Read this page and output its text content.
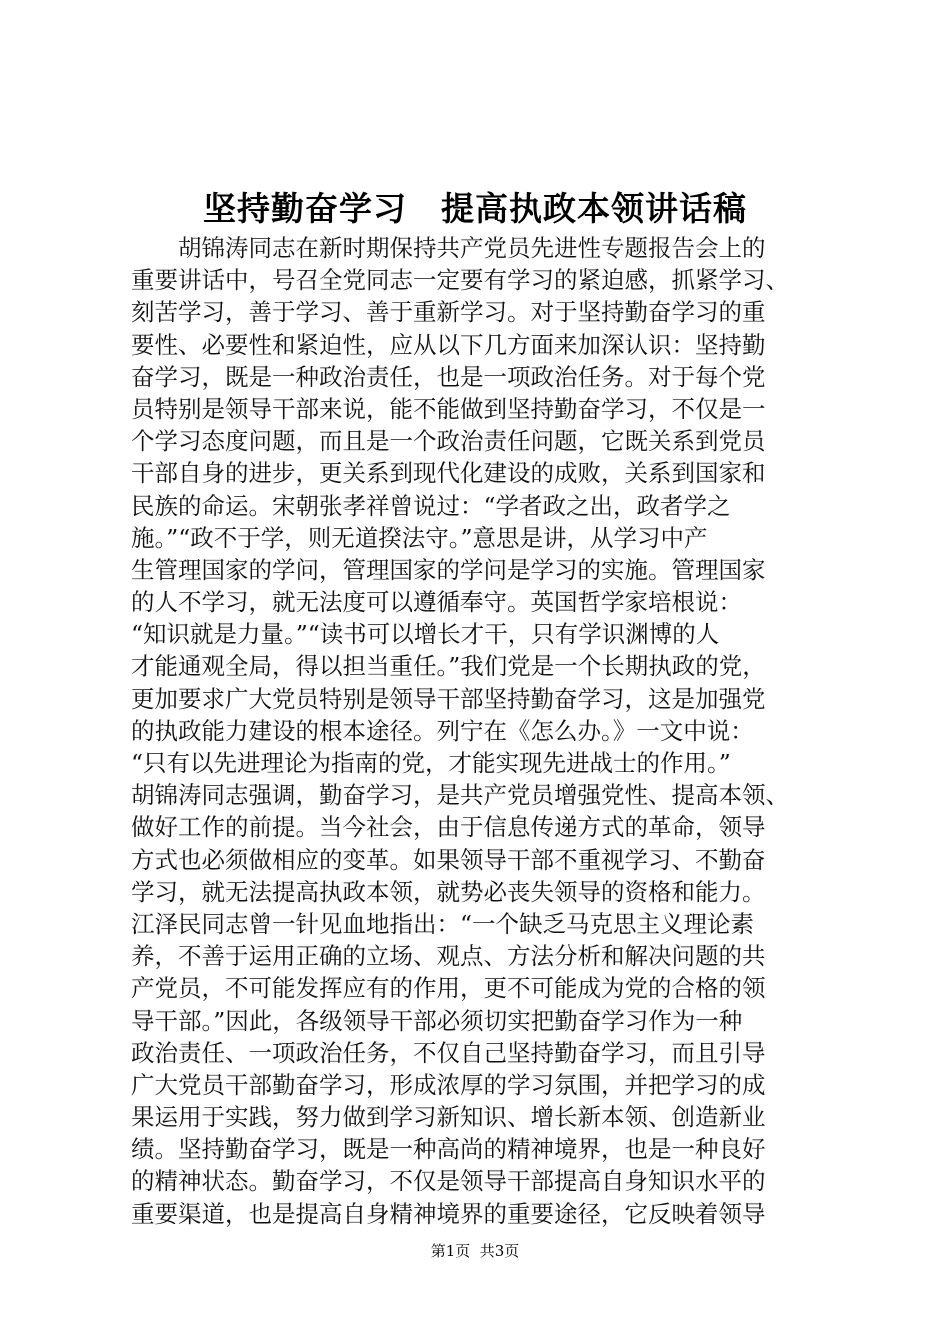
坚持勤奋学习　提高执政本领讲话稿
　　胡锦涛同志在新时期保持共产党员先进性专题报告会上的
重要讲话中，号召全党同志一定要有学习的紧迫感，抓紧学习、
刻苦学习，善于学习、善于重新学习。对于坚持勤奋学习的重
要性、必要性和紧迫性，应从以下几方面来加深认识：坚持勤
奋学习，既是一种政治责任，也是一项政治任务。对于每个党
员特别是领导干部来说，能不能做到坚持勤奋学习，不仅是一
个学习态度问题，而且是一个政治责任问题，它既关系到党员
干部自身的进步，更关系到现代化建设的成败，关系到国家和
民族的命运。宋朝张孝祥曾说过：“学者政之出，政者学之
施。”“政不于学，则无道揆法守。”意思是讲，从学习中产
生管理国家的学问，管理国家的学问是学习的实施。管理国家
的人不学习，就无法度可以遵循奉守。英国哲学家培根说：
“知识就是力量。”“读书可以增长才干，只有学识渊博的人
才能通观全局，得以担当重任。”我们党是一个长期执政的党，
更加要求广大党员特别是领导干部坚持勤奋学习，这是加强党
的执政能力建设的根本途径。列宁在《怎么办。》一文中说：
“只有以先进理论为指南的党，才能实现先进战士的作用。”
胡锦涛同志强调，勤奋学习，是共产党员增强党性、提高本领、
做好工作的前提。当今社会，由于信息传递方式的革命，领导
方式也必须做相应的变革。如果领导干部不重视学习、不勤奋
学习，就无法提高执政本领，就势必丧失领导的资格和能力。
江泽民同志曾一针见血地指出：“一个缺乏马克思主义理论素
养，不善于运用正确的立场、观点、方法分析和解决问题的共
产党员，不可能发挥应有的作用，更不可能成为党的合格的领
导干部。”因此，各级领导干部必须切实把勤奋学习作为一种
政治责任、一项政治任务，不仅自己坚持勤奋学习，而且引导
广大党员干部勤奋学习，形成浓厚的学习氛围，并把学习的成
果运用于实践，努力做到学习新知识、增长新本领、创造新业
绩。坚持勤奋学习，既是一种高尚的精神境界，也是一种良好
的精神状态。勤奋学习，不仅是领导干部提高自身知识水平的
重要渠道，也是提高自身精神境界的重要途径，它反映着领导
第1页  共3页
